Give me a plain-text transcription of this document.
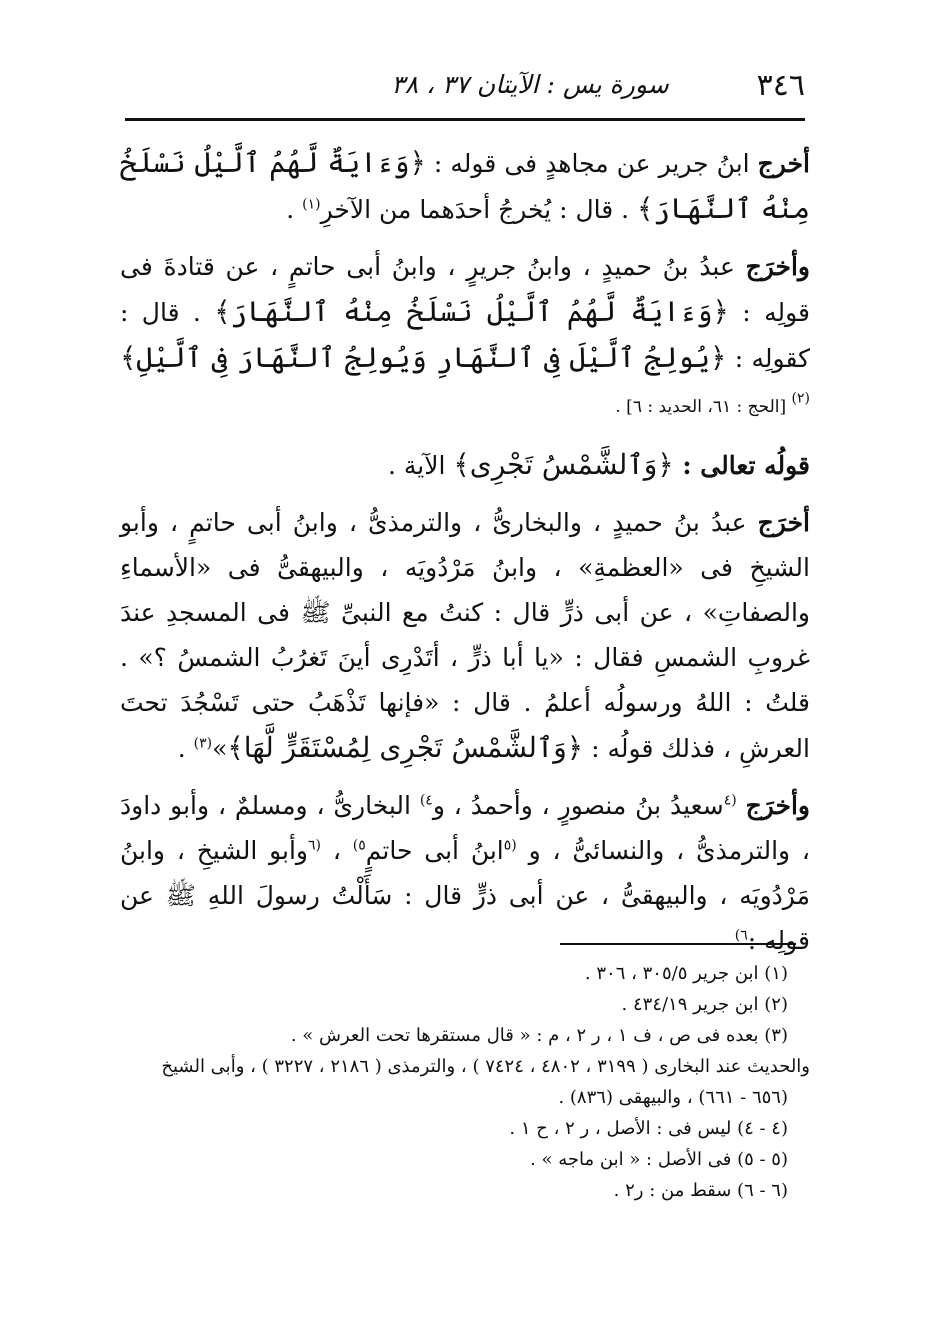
٣٤٦
سورة يس : الآيتان ٣٧ ، ٣٨

أخرج ابنُ جرير عن مجاهدٍ فى قوله : ﴿وَءَايَةٌ لَّهُمُ ٱلَّيْلُ نَسْلَخُ مِنْهُ ٱلنَّهَارَ﴾ . قال : يُخرجُ أحدَهما من الآخرِ$^{(١)}$ .

وأخرَج عبدُ بنُ حميدٍ ، وابنُ جريرٍ ، وابنُ أبى حاتمٍ ، عن قتادةَ فى قولِه : ﴿وَءَايَةٌ لَّهُمُ ٱلَّيْلُ نَسْلَخُ مِنْهُ ٱلنَّهَارَ﴾ . قال : كقولِه : ﴿يُولِجُ ٱلَّيْلَ فِى ٱلنَّهَارِ وَيُولِجُ ٱلنَّهَارَ فِى ٱلَّيْلِ﴾$^{(٢)}$ [الحج : ٦١، الحديد : ٦] .

قولُه تعالى : ﴿وَٱلشَّمْسُ تَجْرِى﴾ الآية .

أخرَج عبدُ بنُ حميدٍ ، والبخارىُّ ، والترمذىُّ ، وابنُ أبى حاتمٍ ، وأبو الشيخِ فى «العظمةِ» ، وابنُ مَرْدُويَه ، والبيهقىُّ فى «الأسماءِ والصفاتِ» ، عن أبى ذرٍّ قال : كنتُ مع النبىِّ ﷺ فى المسجدِ عندَ غروبِ الشمسِ فقال : «يا أبا ذرٍّ ، أتَدْرِى أينَ تَغرُبُ الشمسُ ؟» . قلتُ : اللهُ ورسولُه أعلمُ . قال : «فإنها تَذْهَبُ حتى تَسْجُدَ تحتَ العرشِ ، فذلك قولُه : ﴿وَٱلشَّمْسُ تَجْرِى لِمُسْتَقَرٍّ لَّهَا﴾»$^{(٣)}$ .

وأخرَج $^{(٤}$سعيدُ بنُ منصورٍ ، وأحمدُ ، و$^{٤)}$ البخارىُّ ، ومسلمٌ ، وأبو داودَ ، والترمذىُّ ، والنسائىُّ ، و $^{(٥}$ابنُ أبى حاتمٍ$^{٥)}$ ، $^{(٦}$وأبو الشيخِ ، وابنُ مَرْدُويَه ، والبيهقىُّ ، عن أبى ذرٍّ قال : سَأَلْتُ رسولَ اللهِ ﷺ عن قولِه :$^{٦)}$

(١) ابن جرير ٣٠٥/٥ ، ٣٠٦ .

(٢) ابن جرير ٤٣٤/١٩ .

(٣) بعده فى ص ، ف ١ ، ر ٢ ، م : « قال مستقرها تحت العرش » .

والحديث عند البخارى ( ٣١٩٩ ، ٤٨٠٢ ، ٧٤٢٤ ) ، والترمذى ( ٢١٨٦ ، ٣٢٢٧ ) ، وأبى الشيخ

(٦٥٦ - ٦٦١) ، والبيهقى (٨٣٦) .

(٤ - ٤) ليس فى : الأصل ، ر ٢ ، ح ١ .

(٥ - ٥) فى الأصل : « ابن ماجه » .

(٦ - ٦) سقط من : ر٢ .
